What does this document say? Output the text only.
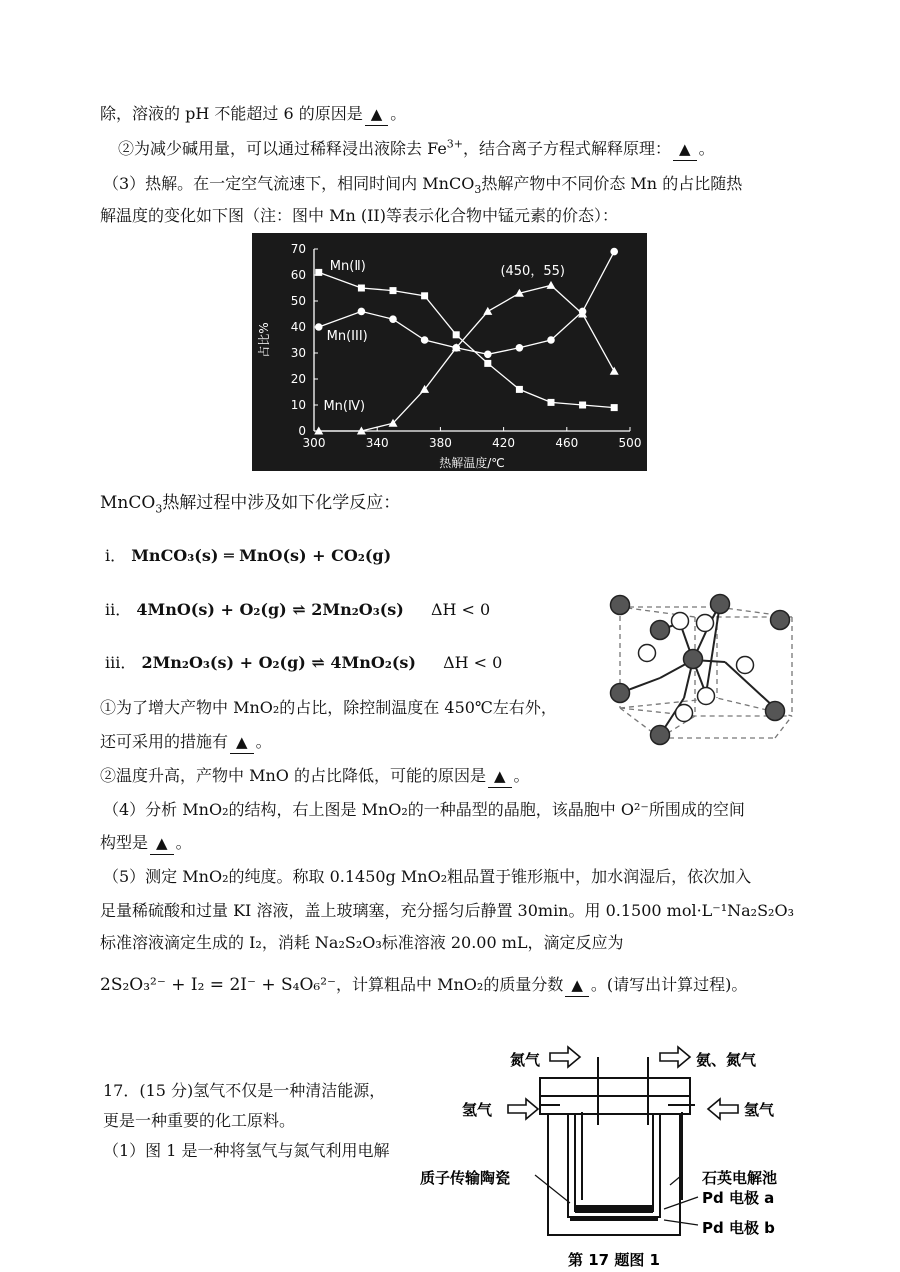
除，溶液的 pH 不能超过 6 的原因是 ▲ 。
②为减少碱用量，可以通过稀释浸出液除去 $Fe^{3+}$，结合离子方程式解释原理： ▲ 。
（3）热解。在一定空气流速下，相同时间内 MnCO$_3$热解产物中不同价态 Mn 的占比随热
解温度的变化如下图（注：图中 Mn (II)等表示化合物中锰元素的价态）：
0
10
20
30
40
50
60
70
300	340	380	420	460	500
热解温度/℃
占比%
Mn(Ⅱ)
Mn(III)
Mn(Ⅳ)
(450，55)
MnCO$_3$热解过程中涉及如下化学反应：
i． MnCO₃(s) ═ MnO(s) + CO₂(g)
ii． 4MnO(s) + O₂(g) ⇌ 2Mn₂O₃(s) ΔH < 0
iii． 2Mn₂O₃(s) + O₂(g) ⇌ 4MnO₂(s) ΔH < 0
①为了增大产物中 MnO₂的占比，除控制温度在 450℃左右外，
还可采用的措施有 ▲ 。
②温度升高，产物中 MnO 的占比降低，可能的原因是 ▲ 。
（4）分析 MnO₂的结构，右上图是 MnO₂的一种晶型的晶胞，该晶胞中 O²⁻所围成的空间
构型是 ▲ 。
（5）测定 MnO₂的纯度。称取 0.1450g MnO₂粗品置于锥形瓶中，加水润湿后，依次加入
足量稀硫酸和过量 KI 溶液，盖上玻璃塞，充分摇匀后静置 30min。用 0.1500 mol·L⁻¹Na₂S₂O₃
标准溶液滴定生成的 I₂，消耗 Na₂S₂O₃标准溶液 20.00 mL，滴定反应为
2S₂O₃²⁻ + I₂ = 2I⁻ + S₄O₆²⁻，计算粗品中 MnO₂的质量分数 ▲ 。(请写出计算过程)。
17．(15 分)氢气不仅是一种清洁能源，
更是一种重要的化工原料。
（1）图 1 是一种将氢气与氮气利用电解
氮气	氨、氮气
氢气	氢气
质子传输陶瓷	石英电解池
Pd 电极 a
Pd 电极 b
第 17 题图 1
